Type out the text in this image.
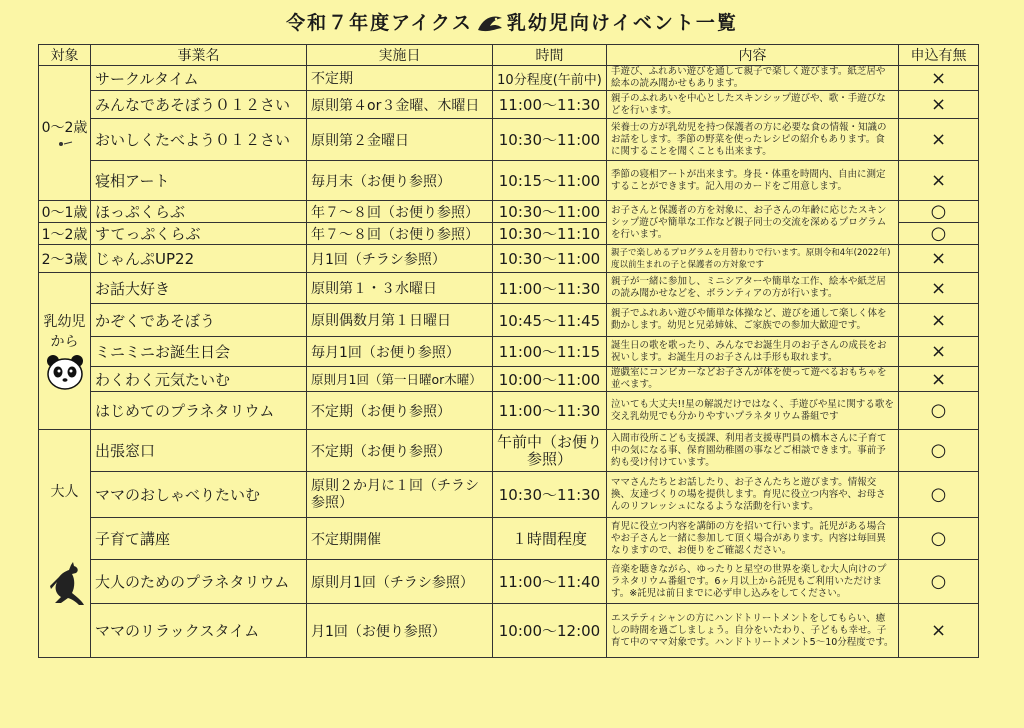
令和７年度アイクス 乳幼児向けイベント一覧
対象	事業名	実施日	時間	内容	申込有無
0～2歳	サークルタイム	不定期	10分程度(午前中)	手遊び、ふれあい遊びを通して親子で楽しく遊びます。紙芝居や絵本の読み聞かせもあります。	×
	みんなであそぼう０１２さい	原則第４or３金曜、木曜日	11:00～11:30	親子のふれあいを中心としたスキンシップ遊びや、歌・手遊びなどを行います。	×
	おいしくたべよう０１２さい	原則第２金曜日	10:30～11:00	栄養士の方が乳幼児を持つ保護者の方に必要な食の情報・知識のお話をします。季節の野菜を使ったレシピの紹介もあります。食に関することを聞くことも出来ます。	×
	寝相アート	毎月末（お便り参照）	10:15～11:00	季節の寝相アートが出来ます。身長・体重を時間内、自由に測定することができます。記入用のカードをご用意します。	×
0～1歳	ほっぷくらぶ	年７～８回（お便り参照）	10:30～11:00	お子さんと保護者の方を対象に、お子さんの年齢に応じたスキンシップ遊びや簡単な工作など親子同士の交流を深めるプログラムを行います。	○
1～2歳	すてっぷくらぶ	年７～８回（お便り参照）	10:30～11:10		○
2～3歳	じゃんぷUP22	月1回（チラシ参照）	10:30～11:00	親子で楽しめるプログラムを月替わりで行います。原則令和4年(2022年)度以前生まれの子と保護者の方対象です	×
乳幼児から	お話大好き	原則第１・３水曜日	11:00～11:30	親子が一緒に参加し、ミニシアターや簡単な工作、絵本や紙芝居の読み聞かせなどを、ボランティアの方が行います。	×
	かぞくであそぼう	原則偶数月第１日曜日	10:45～11:45	親子でふれあい遊びや簡単な体操など、遊びを通して楽しく体を動かします。幼児と兄弟姉妹、ご家族での参加大歓迎です。	×
	ミニミニお誕生日会	毎月1回（お便り参照）	11:00～11:15	誕生日の歌を歌ったり、みんなでお誕生月のお子さんの成長をお祝いします。お誕生月のお子さんは手形も取れます。	×
	わくわく元気たいむ	原則月1回（第一日曜or木曜）	10:00～11:00	遊戯室にコンビカーなどお子さんが体を使って遊べるおもちゃを並べます。	×
	はじめてのプラネタリウム	不定期（お便り参照）	11:00～11:30	泣いても大丈夫!!星の解説だけではなく、手遊びや星に関する歌を交え乳幼児でも分かりやすいプラネタリウム番組です	○
大人	出張窓口	不定期（お便り参照）	午前中（お便り参照）	入間市役所こども支援課、利用者支援専門員の橋本さんに子育て中の気になる事、保育園幼稚園の事などご相談できます。事前予約も受け付けています。	○
	ママのおしゃべりたいむ	原則２か月に１回（チラシ参照）	10:30～11:30	ママさんたちとお話したり、お子さんたちと遊びます。情報交換、友達づくりの場を提供します。育児に役立つ内容や、お母さんのリフレッシュになるような活動を行います。	○
	子育て講座	不定期開催	１時間程度	育児に役立つ内容を講師の方を招いて行います。託児がある場合やお子さんと一緒に参加して頂く場合があります。内容は毎回異なりますので、お便りをご確認ください。	○
	大人のためのプラネタリウム	原則月1回（チラシ参照）	11:00～11:40	音楽を聴きながら、ゆったりと星空の世界を楽しむ大人向けのプラネタリウム番組です。6ヶ月以上から託児もご利用いただけます。※託児は前日までに必ず申し込みをしてください。	○
	ママのリラックスタイム	月1回（お便り参照）	10:00～12:00	エステティシャンの方にハンドトリートメントをしてもらい、癒しの時間を過ごしましょう。自分をいたわり、子どもも幸せ。子育て中のママ対象です。ハンドトリートメント5～10分程度です。	×
